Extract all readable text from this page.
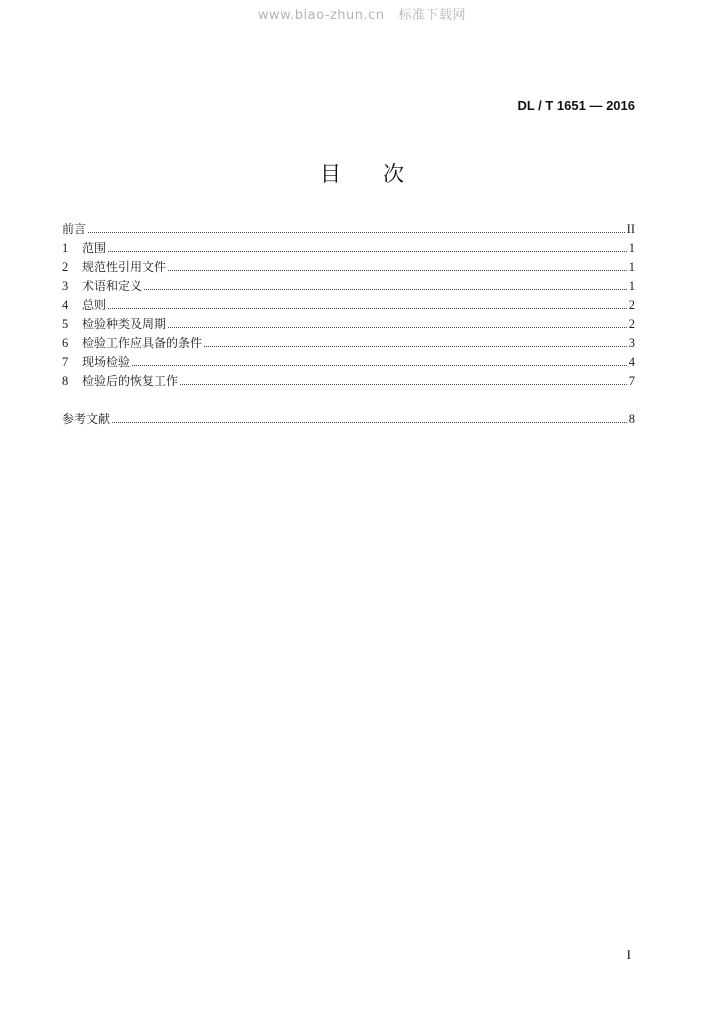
www.biao-zhun.cn 标准下载网
DL / T 1651 — 2016
目次
前言	II
1	范围	1
2	规范性引用文件	1
3	术语和定义	1
4	总则	2
5	检验种类及周期	2
6	检验工作应具备的条件	3
7	现场检验	4
8	检验后的恢复工作	7
参考文献	8
I
